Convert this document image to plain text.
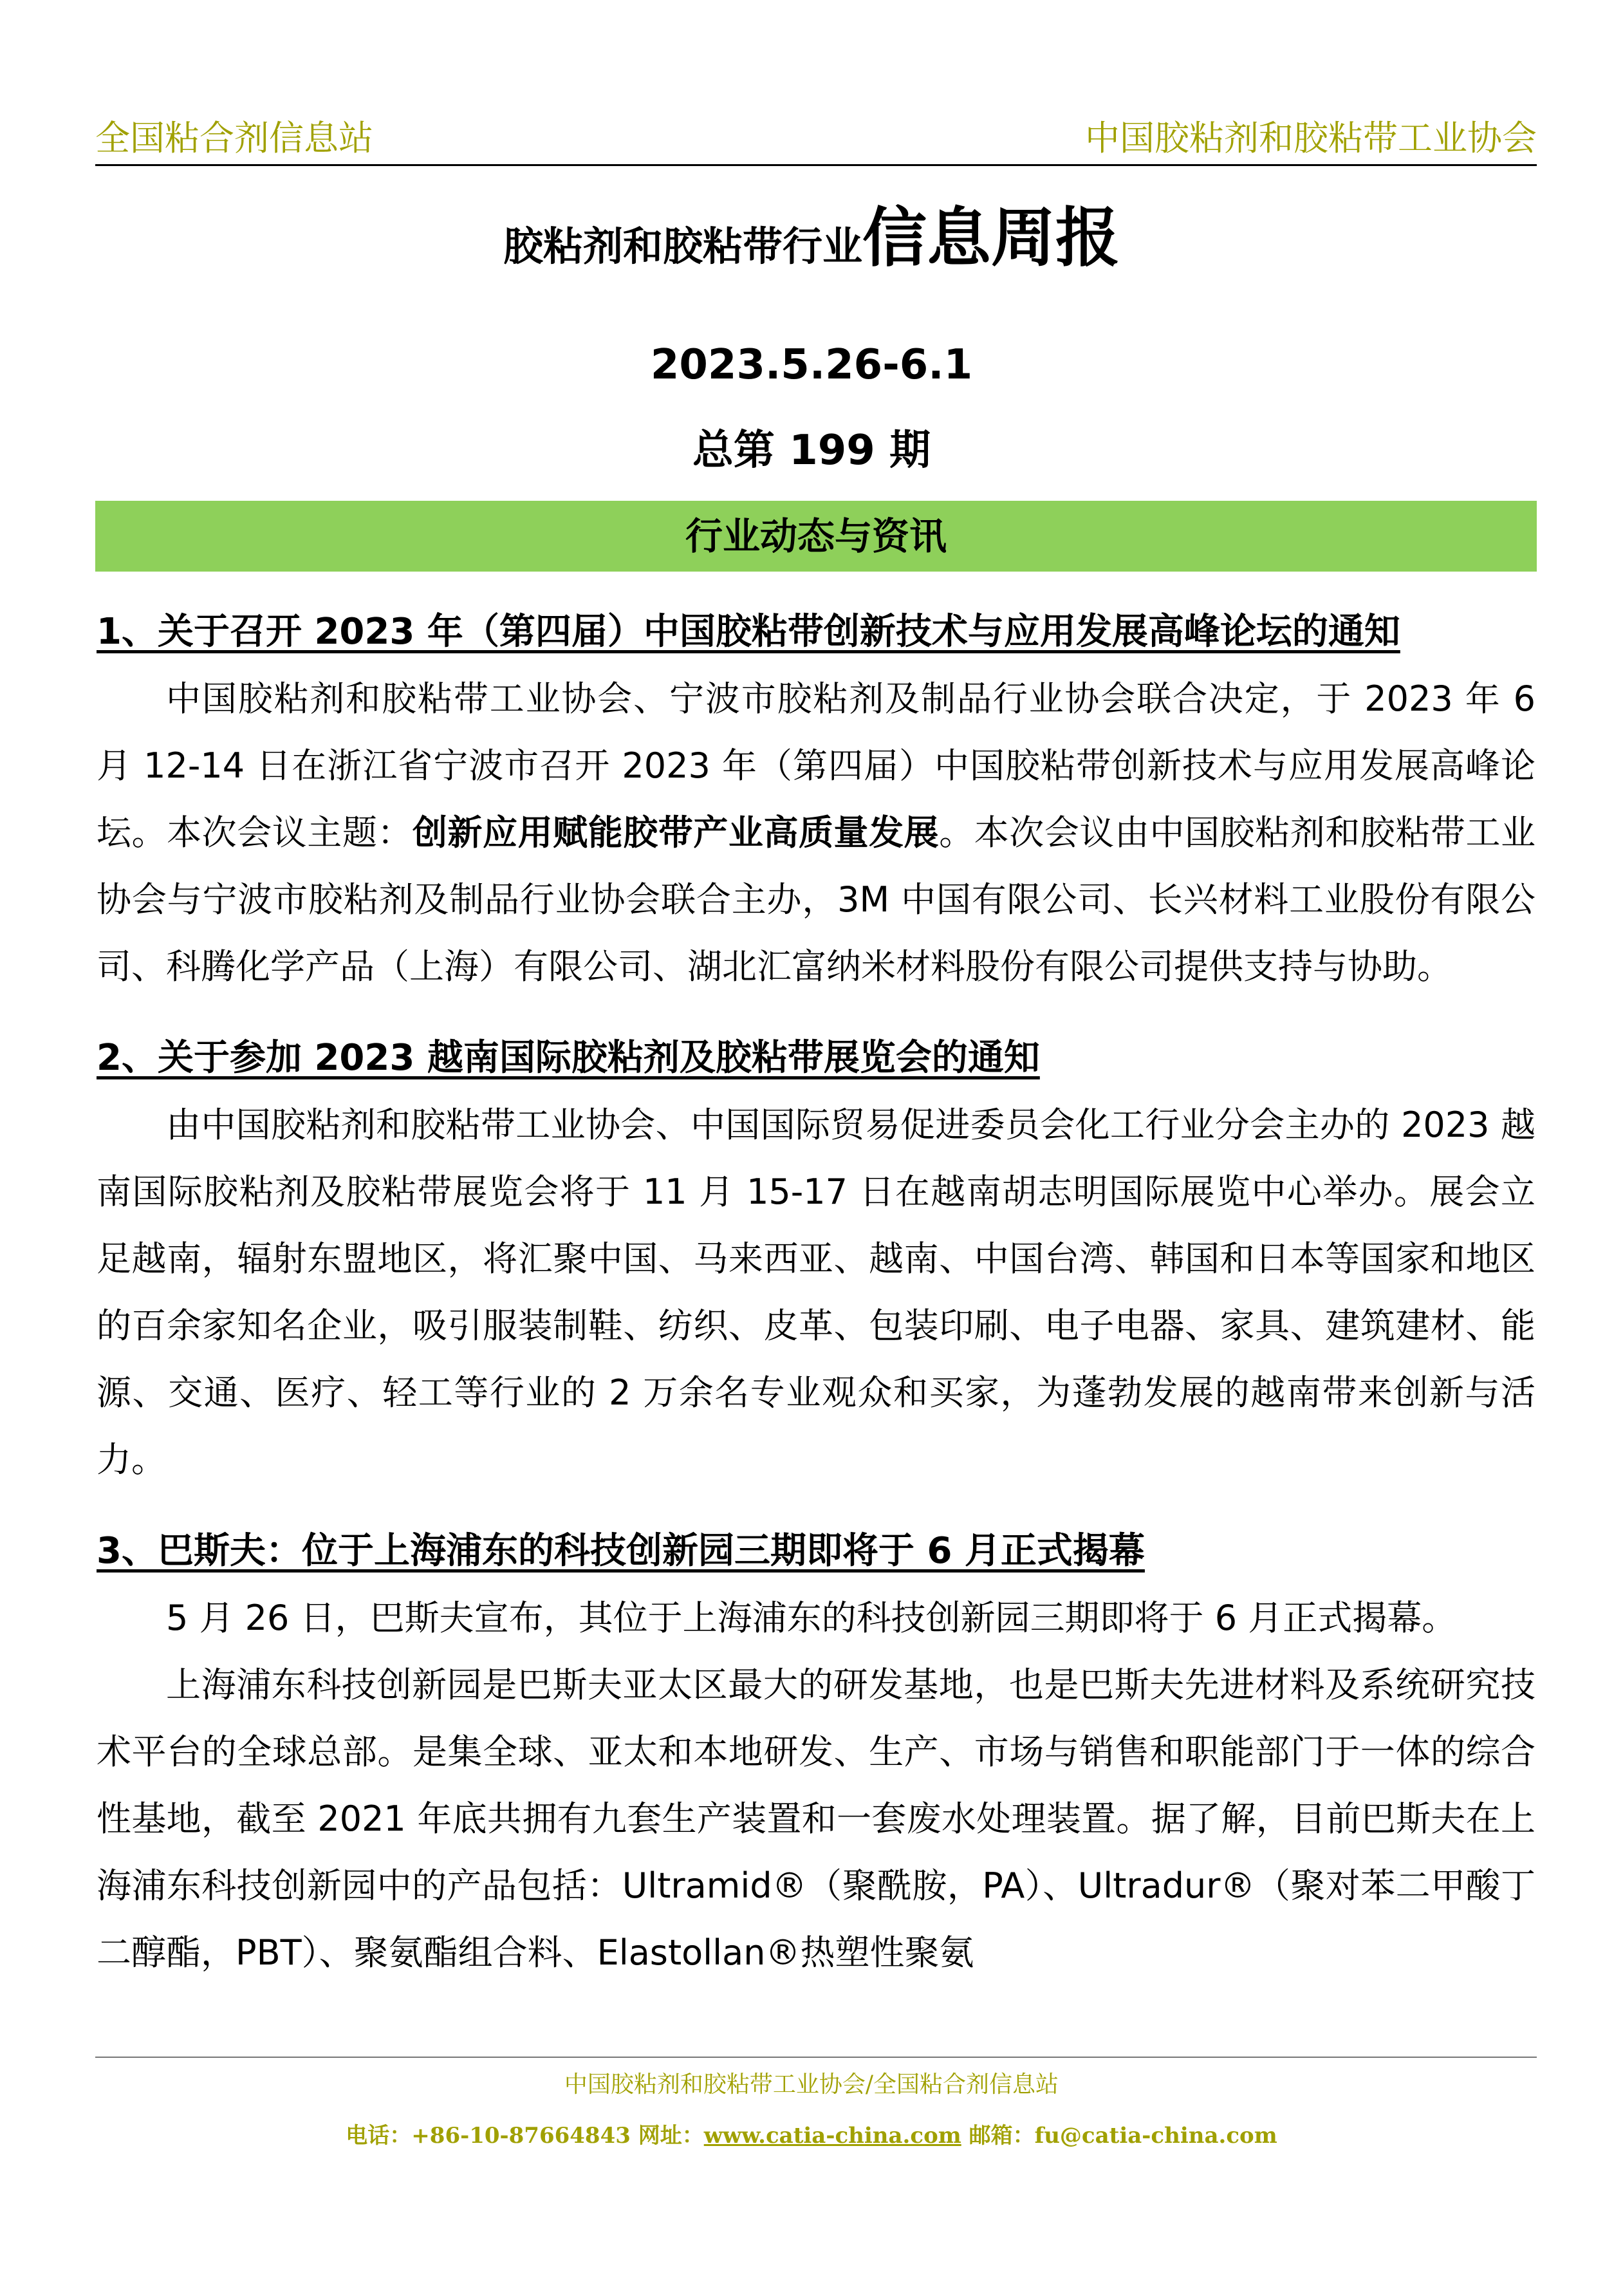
全国粘合剂信息站	中国胶粘剂和胶粘带工业协会
胶粘剂和胶粘带行业信息周报
2023.5.26-6.1
总第 199 期
行业动态与资讯
1、关于召开 2023 年（第四届）中国胶粘带创新技术与应用发展高峰论坛的通知

中国胶粘剂和胶粘带工业协会、宁波市胶粘剂及制品行业协会联合决定，于 2023 年 6 月 12-14 日在浙江省宁波市召开 2023 年（第四届）中国胶粘带创新技术与应用发展高峰论坛。本次会议主题：创新应用赋能胶带产业高质量发展。本次会议由中国胶粘剂和胶粘带工业协会与宁波市胶粘剂及制品行业协会联合主办，3M 中国有限公司、长兴材料工业股份有限公司、科腾化学产品（上海）有限公司、湖北汇富纳米材料股份有限公司提供支持与协助。

2、关于参加 2023 越南国际胶粘剂及胶粘带展览会的通知

由中国胶粘剂和胶粘带工业协会、中国国际贸易促进委员会化工行业分会主办的 2023 越南国际胶粘剂及胶粘带展览会将于 11 月 15-17 日在越南胡志明国际展览中心举办。展会立足越南，辐射东盟地区，将汇聚中国、马来西亚、越南、中国台湾、韩国和日本等国家和地区的百余家知名企业，吸引服装制鞋、纺织、皮革、包装印刷、电子电器、家具、建筑建材、能源、交通、医疗、轻工等行业的 2 万余名专业观众和买家，为蓬勃发展的越南带来创新与活力。

3、巴斯夫：位于上海浦东的科技创新园三期即将于 6 月正式揭幕

5 月 26 日，巴斯夫宣布，其位于上海浦东的科技创新园三期即将于 6 月正式揭幕。

上海浦东科技创新园是巴斯夫亚太区最大的研发基地，也是巴斯夫先进材料及系统研究技术平台的全球总部。是集全球、亚太和本地研发、生产、市场与销售和职能部门于一体的综合性基地，截至 2021 年底共拥有九套生产装置和一套废水处理装置。据了解，目前巴斯夫在上海浦东科技创新园中的产品包括：Ultramid®（聚酰胺，PA）、Ultradur®（聚对苯二甲酸丁二醇酯，PBT）、聚氨酯组合料、Elastollan®热塑性聚氨

中国胶粘剂和胶粘带工业协会/全国粘合剂信息站
电话：+86-10-87664843 网址：www.catia-china.com 邮箱：fu@catia-china.com
